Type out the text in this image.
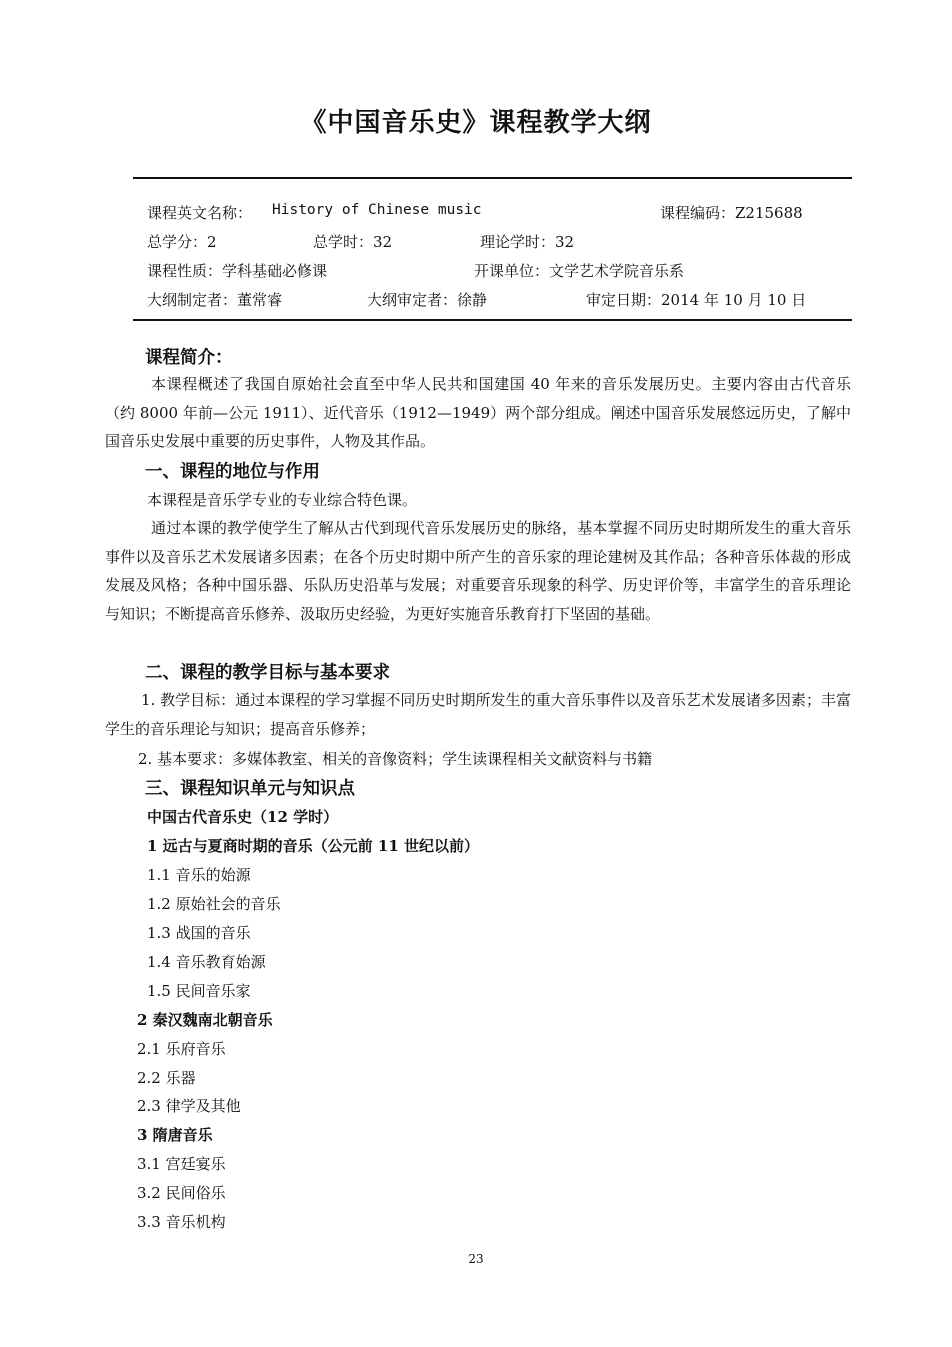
《中国音乐史》课程教学大纲
课程英文名称： History of Chinese music	课程编码：Z215688
总学分：2	总学时：32	理论学时：32
课程性质：学科基础必修课	开课单位：文学艺术学院音乐系
大纲制定者：董常睿	大纲审定者：徐静	审定日期：2014 年 10 月 10 日
课程简介：

本课程概述了我国自原始社会直至中华人民共和国建国 40 年来的音乐发展历史。主要内容由古代音乐（约 8000 年前—公元 1911）、近代音乐（1912—1949）两个部分组成。阐述中国音乐发展悠远历史，了解中国音乐史发展中重要的历史事件，人物及其作品。

一、课程的地位与作用
本课程是音乐学专业的专业综合特色课。

通过本课的教学使学生了解从古代到现代音乐发展历史的脉络，基本掌握不同历史时期所发生的重大音乐事件以及音乐艺术发展诸多因素；在各个历史时期中所产生的音乐家的理论建树及其作品；各种音乐体裁的形成发展及风格；各种中国乐器、乐队历史沿革与发展；对重要音乐现象的科学、历史评价等，丰富学生的音乐理论与知识；不断提高音乐修养、汲取历史经验，为更好实施音乐教育打下坚固的基础。

二、课程的教学目标与基本要求

1. 教学目标：通过本课程的学习掌握不同历史时期所发生的重大音乐事件以及音乐艺术发展诸多因素；丰富学生的音乐理论与知识；提高音乐修养；

2. 基本要求：多媒体教室、相关的音像资料；学生读课程相关文献资料与书籍
三、课程知识单元与知识点
中国古代音乐史（12 学时）
1 远古与夏商时期的音乐（公元前 11 世纪以前）
1.1 音乐的始源
1.2 原始社会的音乐
1.3 战国的音乐
1.4 音乐教育始源
1.5 民间音乐家
2 秦汉魏南北朝音乐
2.1 乐府音乐
2.2 乐器
2.3 律学及其他
3 隋唐音乐
3.1 宫廷宴乐
3.2 民间俗乐
3.3 音乐机构
23
